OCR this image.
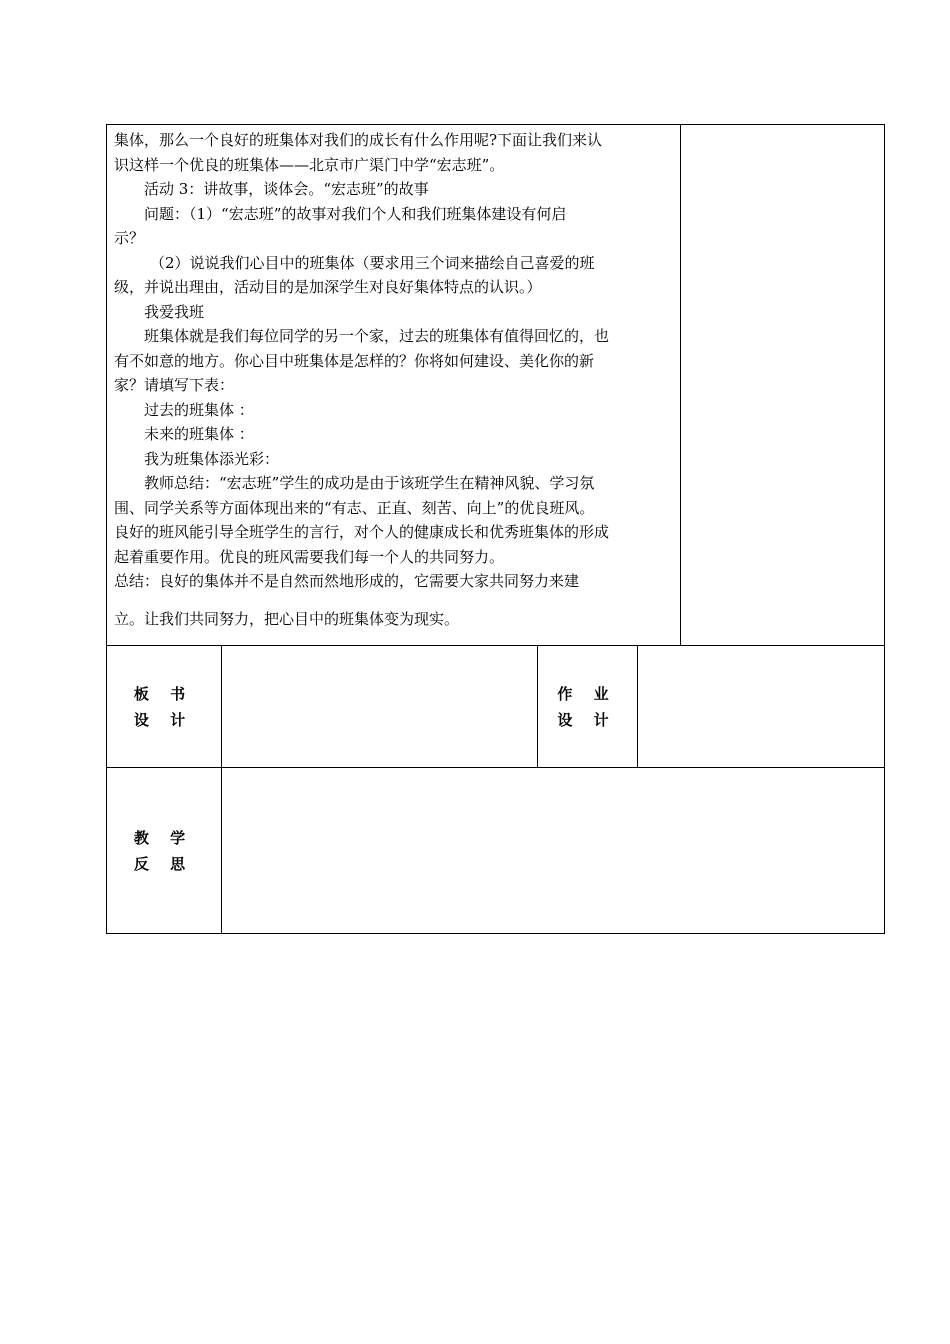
集体，那么一个良好的班集体对我们的成长有什么作用呢?下面让我们来认

识这样一个优良的班集体——北京市广渠门中学“宏志班”。

活动 3：讲故事，谈体会。“宏志班”的故事

问题：（1）“宏志班”的故事对我们个人和我们班集体建设有何启

示？

（2）说说我们心目中的班集体（要求用三个词来描绘自己喜爱的班

级，并说出理由，活动目的是加深学生对良好集体特点的认识。）

我爱我班

班集体就是我们每位同学的另一个家，过去的班集体有值得回忆的，也

有不如意的地方。你心目中班集体是怎样的？你将如何建设、美化你的新

家？请填写下表：

过去的班集体 ：

未来的班集体 ：

我为班集体添光彩：

教师总结：“宏志班”学生的成功是由于该班学生在精神风貌、学习氛

围、同学关系等方面体现出来的“有志、正直、刻苦、向上”的优良班风。

良好的班风能引导全班学生的言行，对个人的健康成长和优秀班集体的形成

起着重要作用。优良的班风需要我们每一个人的共同努力。

总结：良好的集体并不是自然而然地形成的，它需要大家共同努力来建

立。让我们共同努力，把心目中的班集体变为现实。

板 书
设 计
作 业
设 计
教 学
反 思
